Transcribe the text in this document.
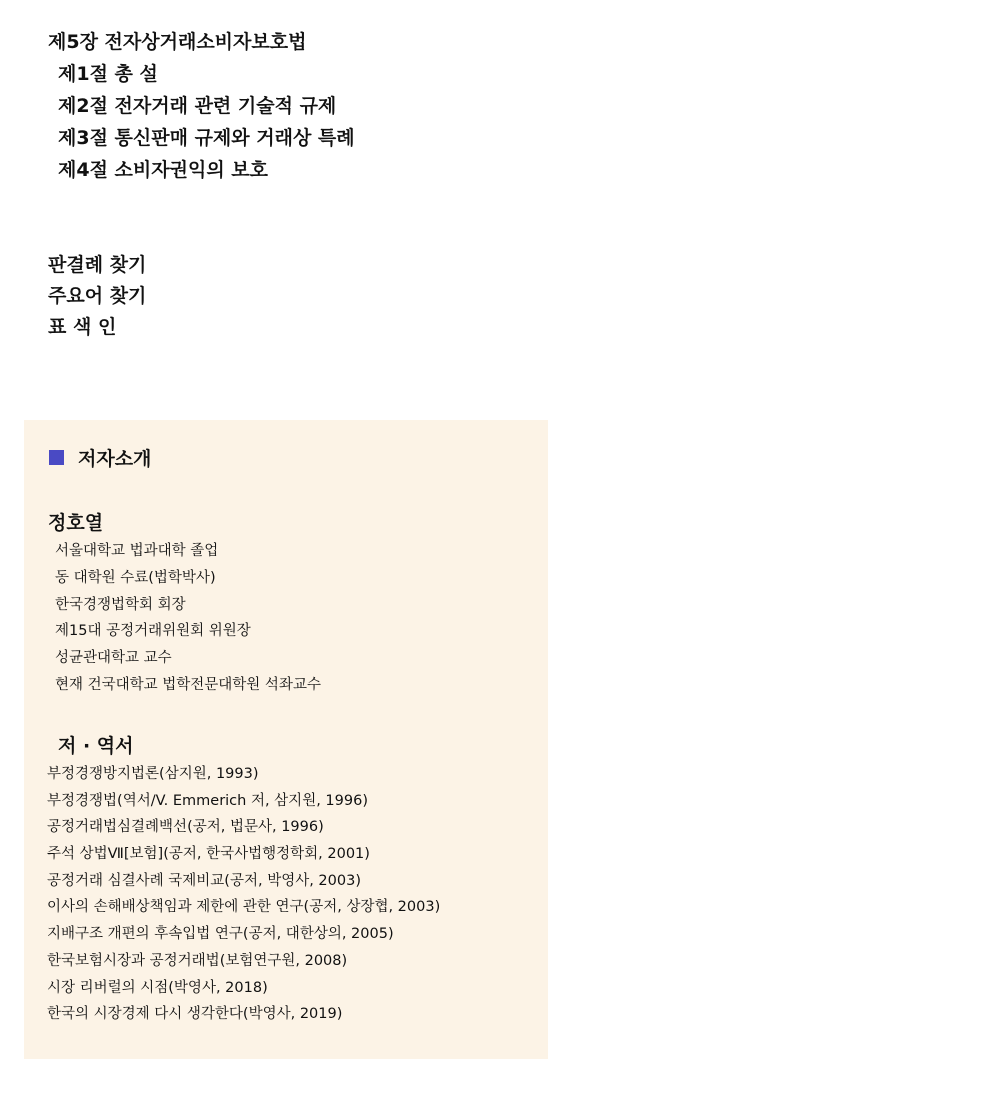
제5장 전자상거래소비자보호법
제1절 총 설
제2절 전자거래 관련 기술적 규제
제3절 통신판매 규제와 거래상 특례
제4절 소비자권익의 보호
판결례 찾기
주요어 찾기
표 색 인
저자소개
정호열
서울대학교 법과대학 졸업
동 대학원 수료(법학박사)
한국경쟁법학회 회장
제15대 공정거래위원회 위원장
성균관대학교 교수
현재 건국대학교 법학전문대학원 석좌교수
저 · 역서
부정경쟁방지법론(삼지원, 1993)
부정경쟁법(역서/V. Emmerich 저, 삼지원, 1996)
공정거래법심결례백선(공저, 법문사, 1996)
주석 상법Ⅶ[보험](공저, 한국사법행정학회, 2001)
공정거래 심결사례 국제비교(공저, 박영사, 2003)
이사의 손해배상책임과 제한에 관한 연구(공저, 상장협, 2003)
지배구조 개편의 후속입법 연구(공저, 대한상의, 2005)
한국보험시장과 공정거래법(보험연구원, 2008)
시장 리버럴의 시점(박영사, 2018)
한국의 시장경제 다시 생각한다(박영사, 2019)
